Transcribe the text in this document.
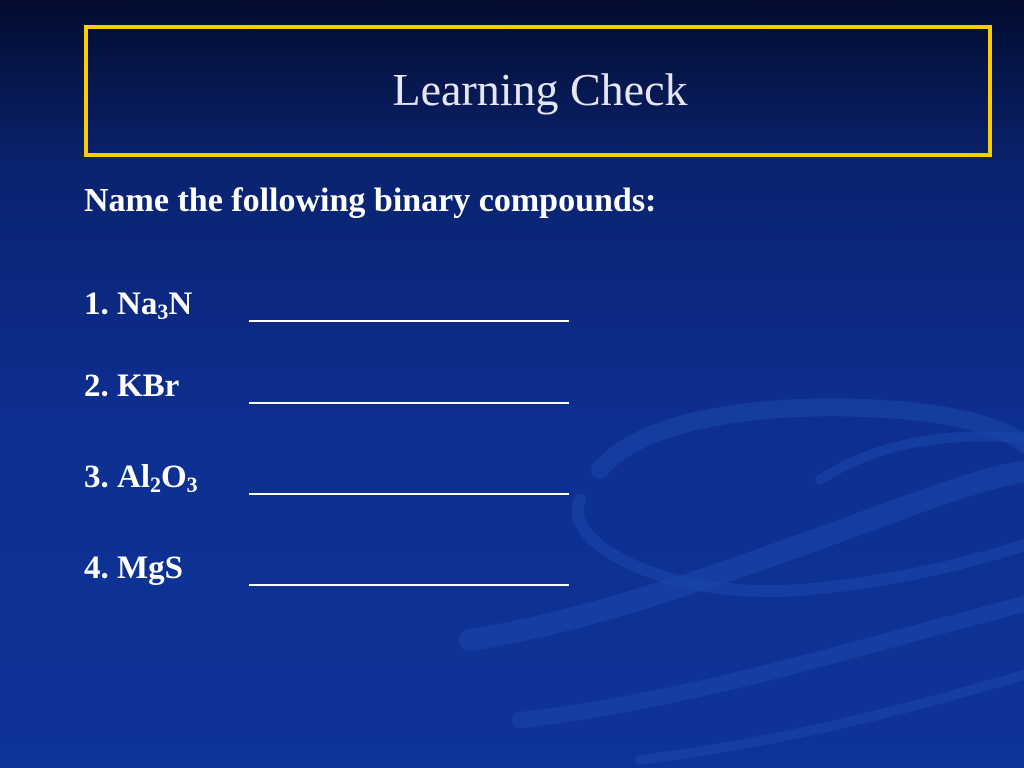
Learning Check

Name the following binary compounds:

1. $Na_3N$
2. KBr
3. $Al_2O_3$
4. MgS
